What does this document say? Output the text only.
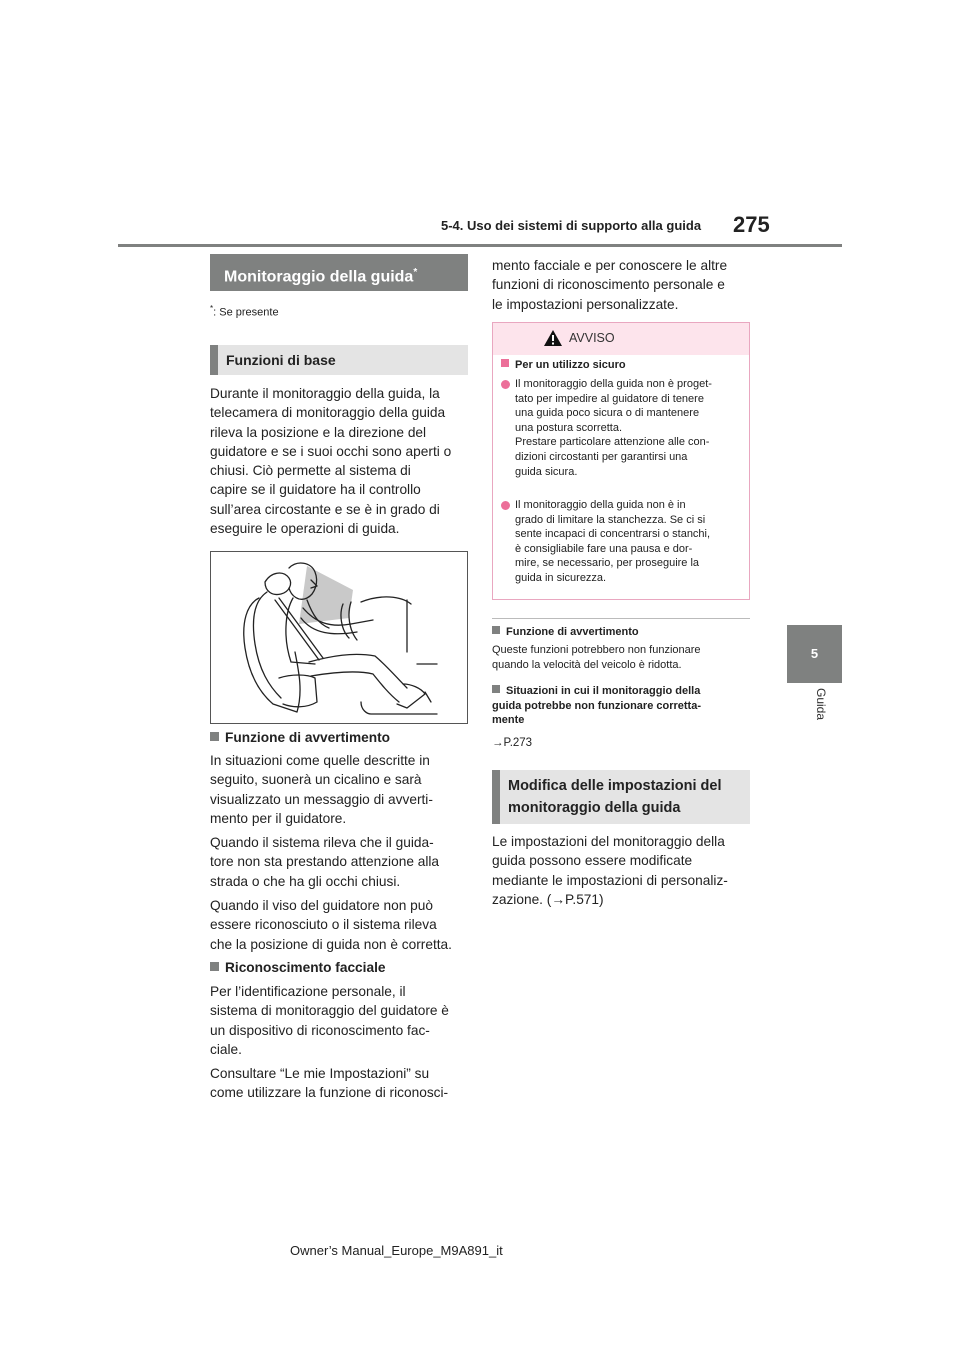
5-4. Uso dei sistemi di supporto alla guida 275
5
Guida
Monitoraggio della guida*
*: Se presente
Funzioni di base
Durante il monitoraggio della guida, la
telecamera di monitoraggio della guida
rileva la posizione e la direzione del
guidatore e se i suoi occhi sono aperti o
chiusi. Ciò permette al sistema di
capire se il guidatore ha il controllo
sull’area circostante e se è in grado di
eseguire le operazioni di guida.
Funzione di avvertimento
In situazioni come quelle descritte in
seguito, suonerà un cicalino e sarà
visualizzato un messaggio di avverti-
mento per il guidatore.
Quando il sistema rileva che il guida-
tore non sta prestando attenzione alla
strada o che ha gli occhi chiusi.
Quando il viso del guidatore non può
essere riconosciuto o il sistema rileva
che la posizione di guida non è corretta.
Riconoscimento facciale
Per l’identificazione personale, il
sistema di monitoraggio del guidatore è
un dispositivo di riconoscimento fac-
ciale.
Consultare “Le mie Impostazioni” su
come utilizzare la funzione di riconosci-
mento facciale e per conoscere le altre
funzioni di riconoscimento personale e
le impostazioni personalizzate.
AVVISO
Per un utilizzo sicuro
Il monitoraggio della guida non è proget-
tato per impedire al guidatore di tenere
una guida poco sicura o di mantenere
una postura scorretta.
Prestare particolare attenzione alle con-
dizioni circostanti per garantirsi una
guida sicura.
Il monitoraggio della guida non è in
grado di limitare la stanchezza. Se ci si
sente incapaci di concentrarsi o stanchi,
è consigliabile fare una pausa e dor-
mire, se necessario, per proseguire la
guida in sicurezza.
Funzione di avvertimento
Queste funzioni potrebbero non funzionare
quando la velocità del veicolo è ridotta.
Situazioni in cui il monitoraggio della
guida potrebbe non funzionare corretta-
mente
→P.273
Modifica delle impostazioni del
monitoraggio della guida
Le impostazioni del monitoraggio della
guida possono essere modificate
mediante le impostazioni di personaliz-
zazione. (→P.571)
Owner’s Manual_Europe_M9A891_it
